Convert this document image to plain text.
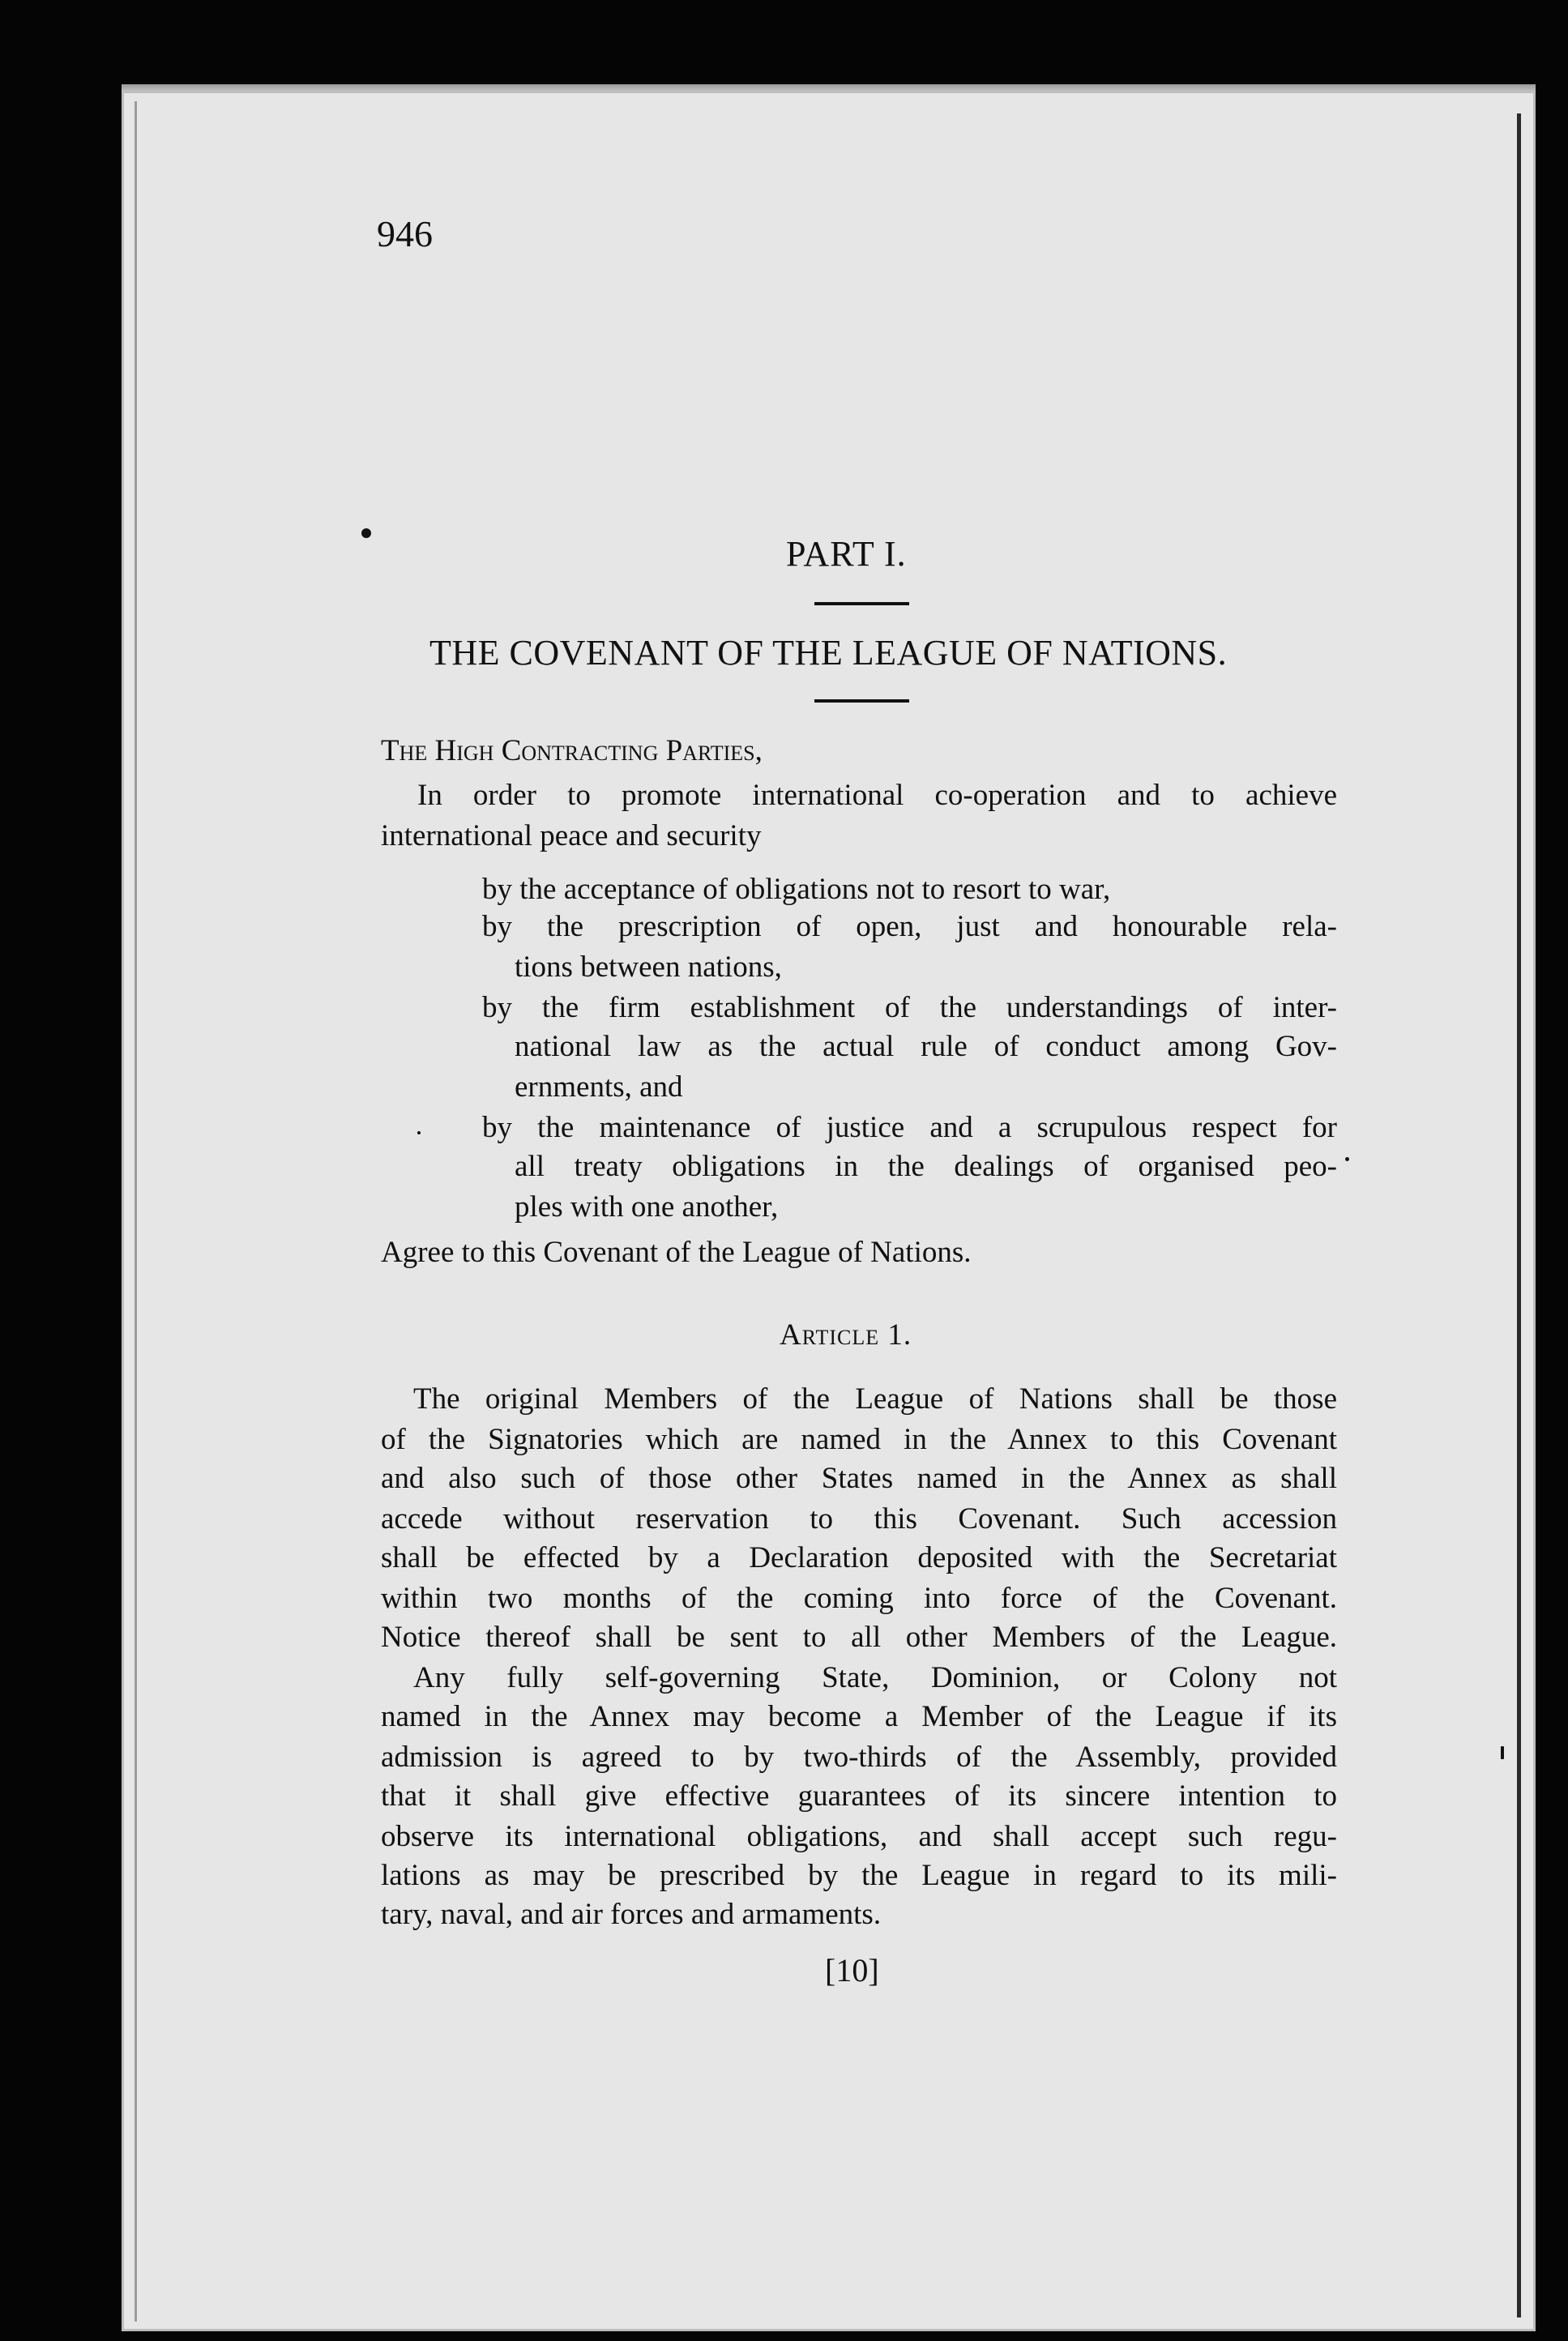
946
PART I.
THE COVENANT OF THE LEAGUE OF NATIONS.
The High Contracting Parties,
In order to promote international co-operation and to achieve
international peace and security
by the acceptance of obligations not to resort to war,
by the prescription of open, just and honourable rela-
tions between nations,
by the firm establishment of the understandings of inter-
national law as the actual rule of conduct among Gov-
ernments, and
by the maintenance of justice and a scrupulous respect for
all treaty obligations in the dealings of organised peo-
ples with one another,
Agree to this Covenant of the League of Nations.
Article 1.
The original Members of the League of Nations shall be those
of the Signatories which are named in the Annex to this Covenant
and also such of those other States named in the Annex as shall
accede without reservation to this Covenant. Such accession
shall be effected by a Declaration deposited with the Secretariat
within two months of the coming into force of the Covenant.
Notice thereof shall be sent to all other Members of the League.
Any fully self-governing State, Dominion, or Colony not
named in the Annex may become a Member of the League if its
admission is agreed to by two-thirds of the Assembly, provided
that it shall give effective guarantees of its sincere intention to
observe its international obligations, and shall accept such regu-
lations as may be prescribed by the League in regard to its mili-
tary, naval, and air forces and armaments.
[10]
